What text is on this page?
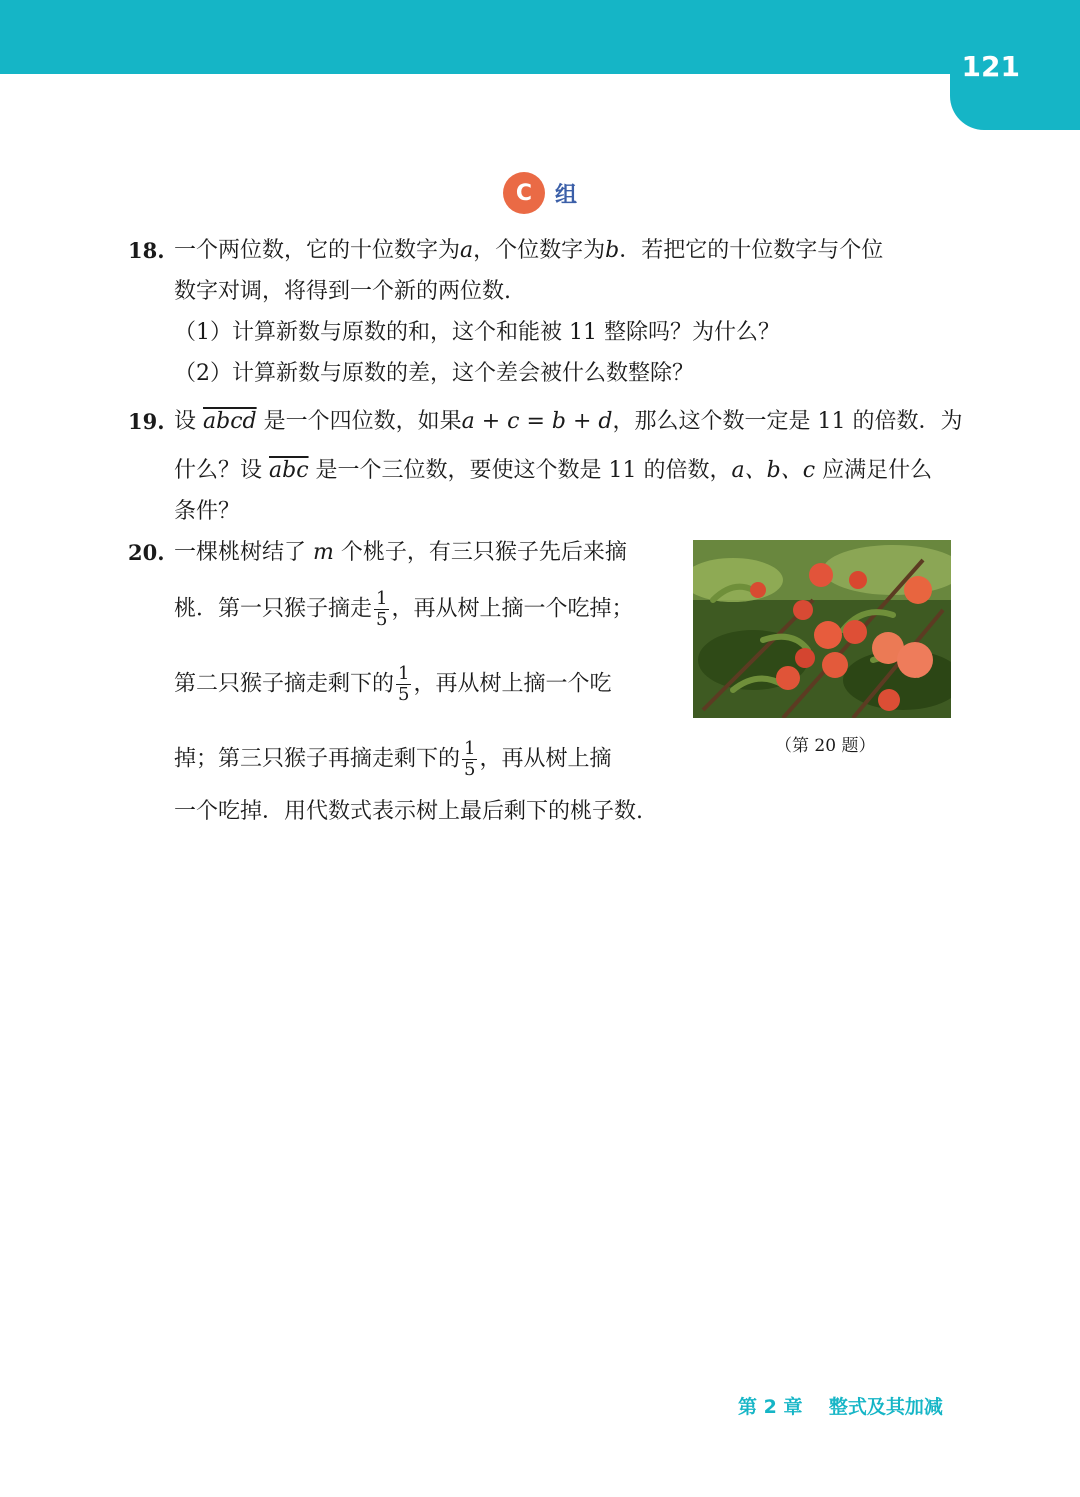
121
C	组
18. 一个两位数，它的十位数字为a，个位数字为b．若把它的十位数字与个位
数字对调，将得到一个新的两位数.
（1）计算新数与原数的和，这个和能被 11 整除吗？为什么？
（2）计算新数与原数的差，这个差会被什么数整除？
19. 设 abcd 是一个四位数，如果a + c = b + d，那么这个数一定是 11 的倍数．为
什么？设 $\overline{abc}$ 是一个三位数，要使这个数是 11 的倍数，a、b、c 应满足什么
条件？
20. 一棵桃树结了 m 个桃子，有三只猴子先后来摘
桃．第一只猴子摘走 $\frac{1}{5}$ ，再从树上摘一个吃掉；
第二只猴子摘走剩下的 $\frac{1}{5}$ ，再从树上摘一个吃
掉；第三只猴子再摘走剩下的 $\frac{1}{5}$ ，再从树上摘
一个吃掉．用代数式表示树上最后剩下的桃子数.
（第 20 题）
第 2 章    整式及其加减
